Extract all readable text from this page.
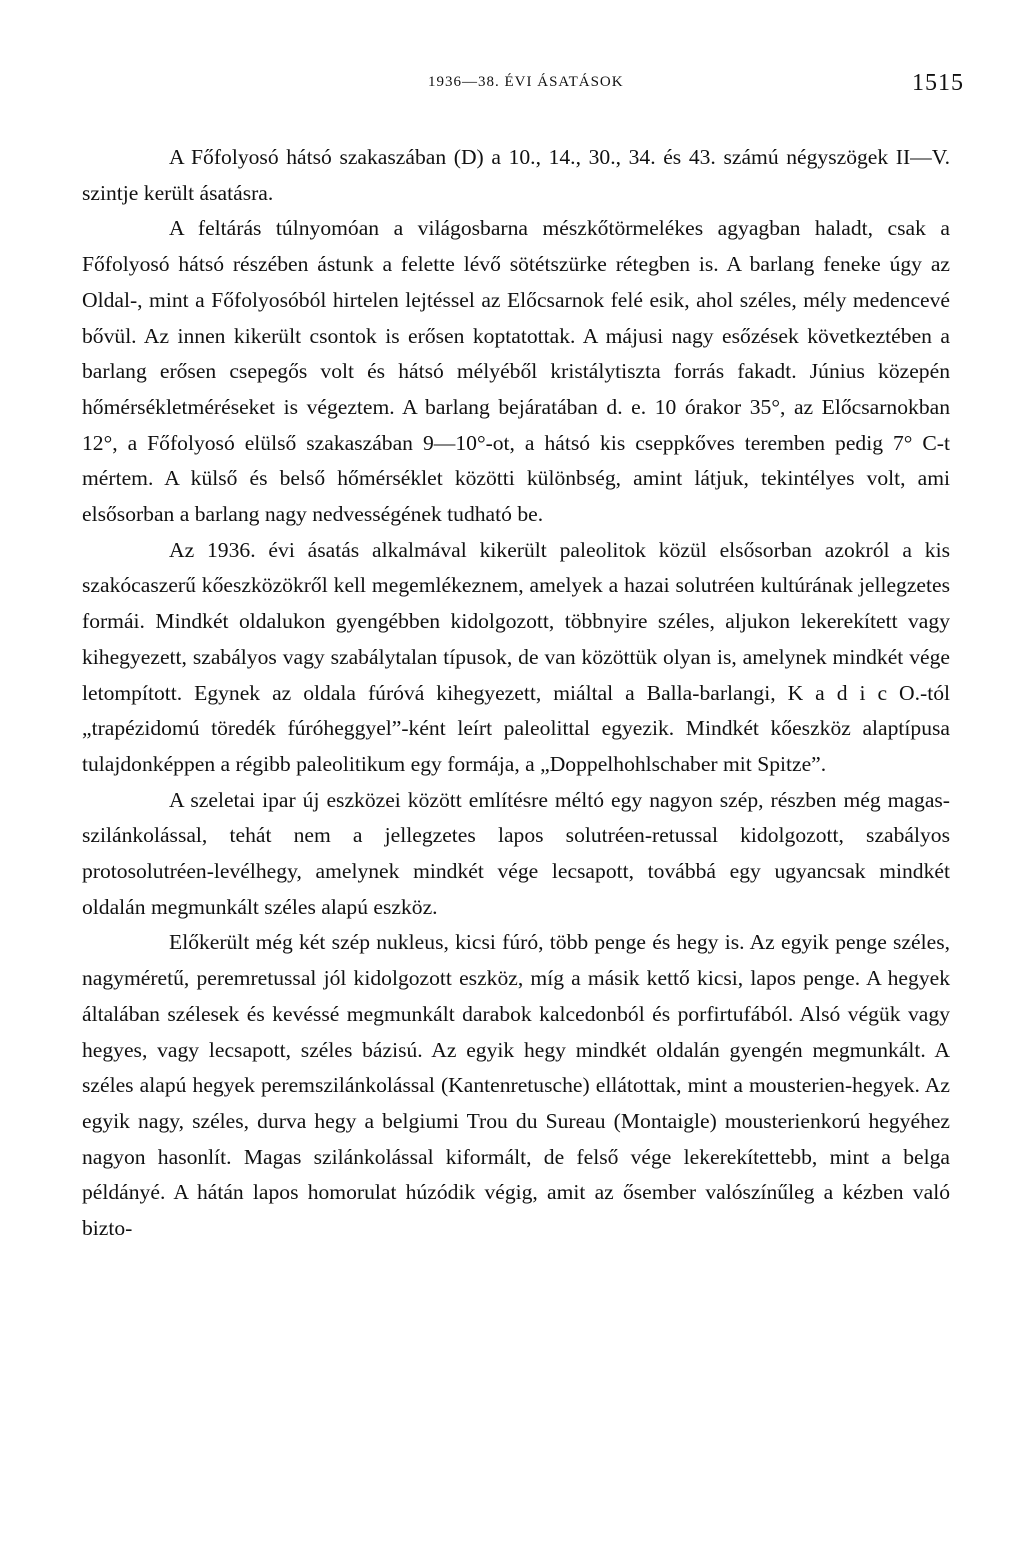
1936—38. ÉVI ÁSATÁSOK	1515

A Főfolyosó hátsó szakaszában (D) a 10., 14., 30., 34. és 43. számú négyszögek II—V. szintje került ásatásra.

A feltárás túlnyomóan a világosbarna mészkőtörmelékes agyagban haladt, csak a Főfolyosó hátsó részében ástunk a felette lévő sötétszürke rétegben is. A barlang feneke úgy az Oldal-, mint a Főfolyosóból hirtelen lejtéssel az Előcsarnok felé esik, ahol széles, mély medencevé bővül. Az innen kikerült csontok is erősen koptatottak. A májusi nagy esőzések következtében a barlang erősen csepegős volt és hátsó mélyéből kristálytiszta forrás fakadt. Június közepén hőmérsékletméréseket is végeztem. A barlang bejáratában d. e. 10 órakor 35°, az Előcsarnokban 12°, a Főfolyosó elülső szakaszában 9—10°-ot, a hátsó kis cseppkőves teremben pedig 7° C-t mértem. A külső és belső hőmérséklet közötti különbség, amint látjuk, tekintélyes volt, ami elsősorban a barlang nagy nedvességének tudható be.

Az 1936. évi ásatás alkalmával kikerült paleolitok közül elsősorban azokról a kis szakócaszerű kőeszközökről kell megemlékeznem, amelyek a hazai solutréen kultúrának jellegzetes formái. Mindkét oldalukon gyengébben kidolgozott, többnyire széles, aljukon lekerekített vagy kihegyezett, szabályos vagy szabálytalan típusok, de van közöttük olyan is, amelynek mindkét vége letompított. Egynek az oldala fúróvá kihegyezett, miáltal a Balla-barlangi, K a d i c O.-tól „trapézidomú töredék fúróheggyel”-ként leírt paleolittal egyezik. Mindkét kőeszköz alaptípusa tulajdonképpen a régibb paleolitikum egy formája, a „Doppelhohlschaber mit Spitze”.

A szeletai ipar új eszközei között említésre méltó egy nagyon szép, részben még magas-szilánkolással, tehát nem a jellegzetes lapos solutréen-retussal kidolgozott, szabályos protosolutréen-levélhegy, amelynek mindkét vége lecsapott, továbbá egy ugyancsak mindkét oldalán megmunkált széles alapú eszköz.

Előkerült még két szép nukleus, kicsi fúró, több penge és hegy is. Az egyik penge széles, nagyméretű, peremretussal jól kidolgozott eszköz, míg a másik kettő kicsi, lapos penge. A hegyek általában szélesek és kevéssé megmunkált darabok kalcedonból és porfirtufából. Alsó végük vagy hegyes, vagy lecsapott, széles bázisú. Az egyik hegy mindkét oldalán gyengén megmunkált. A széles alapú hegyek peremszilánkolással (Kantenretusche) ellátottak, mint a mousterien-hegyek. Az egyik nagy, széles, durva hegy a belgiumi Trou du Sureau (Montaigle) mousterienkorú hegyéhez nagyon hasonlít. Magas szilánkolással kiformált, de felső vége lekerekítettebb, mint a belga példányé. A hátán lapos homorulat húzódik végig, amit az ősember valószínűleg a kézben való bizto-
